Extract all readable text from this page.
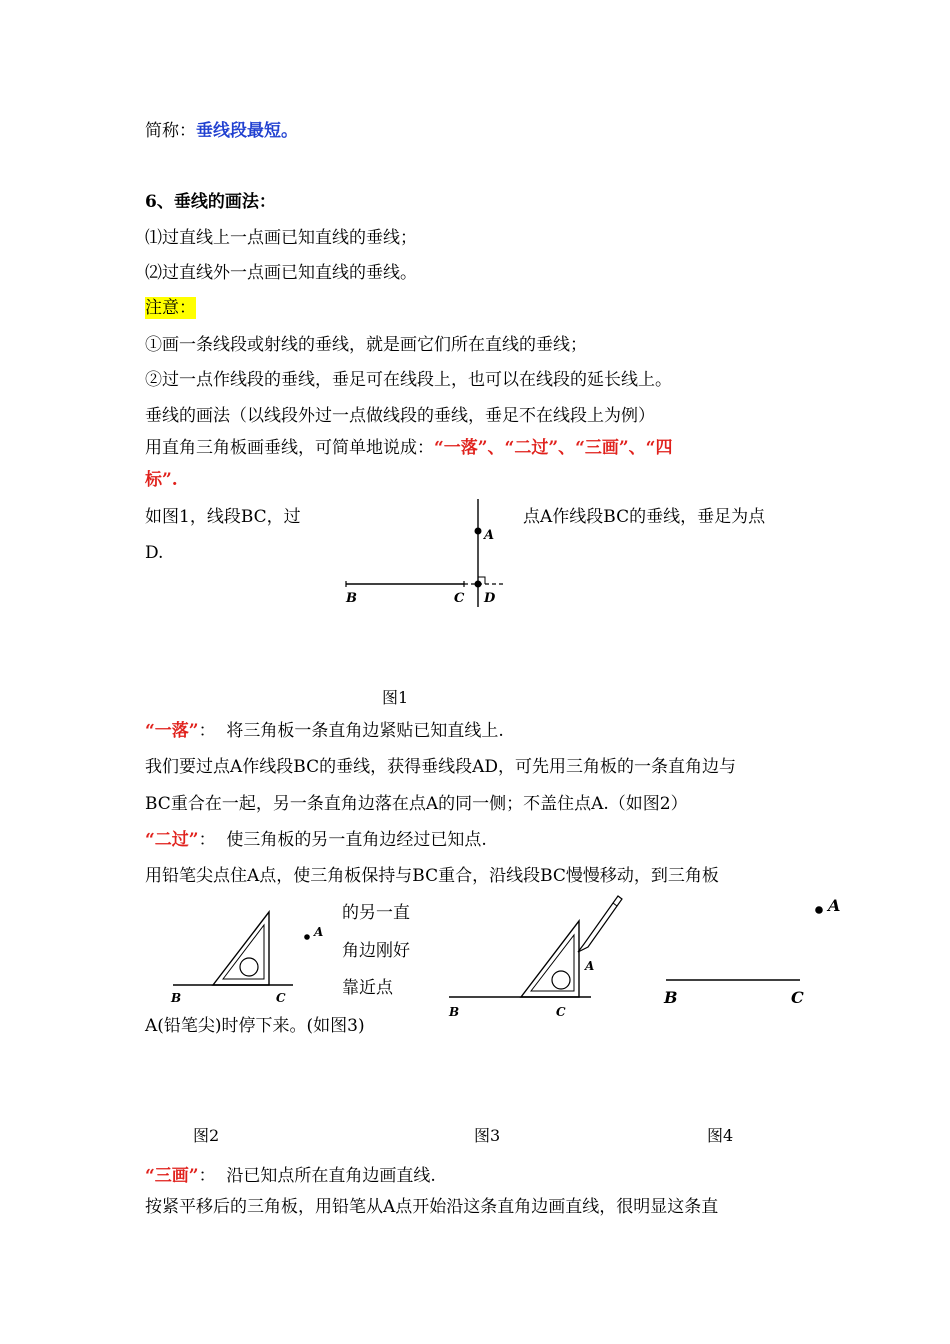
简称：垂线段最短。
6、垂线的画法：
⑴过直线上一点画已知直线的垂线；
⑵过直线外一点画已知直线的垂线。
注意：
①画一条线段或射线的垂线，就是画它们所在直线的垂线；
②过一点作线段的垂线，垂足可在线段上，也可以在线段的延长线上。
垂线的画法（以线段外过一点做线段的垂线，垂足不在线段上为例）
用直角三角板画垂线，可简单地说成：“一落”、“二过”、“三画”、“四
标”.
如图1，线段BC，过	点A作线段BC的垂线，垂足为点
D.
A
B	C D
图1
“一落”： 将三角板一条直角边紧贴已知直线上.
我们要过点A作线段BC的垂线，获得垂线段AD，可先用三角板的一条直角边与
BC重合在一起，另一条直角边落在点A的同一侧；不盖住点A.（如图2）
“二过”： 使三角板的另一直角边经过已知点.
用铅笔尖点住A点，使三角板保持与BC重合，沿线段BC慢慢移动，到三角板
的另一直
角边刚好
靠近点
A(铅笔尖)时停下来。(如图3)
A
B	C
A
B	C
A
B	C
图2	图3	图4
“三画”： 沿已知点所在直角边画直线.
按紧平移后的三角板，用铅笔从A点开始沿这条直角边画直线，很明显这条直
